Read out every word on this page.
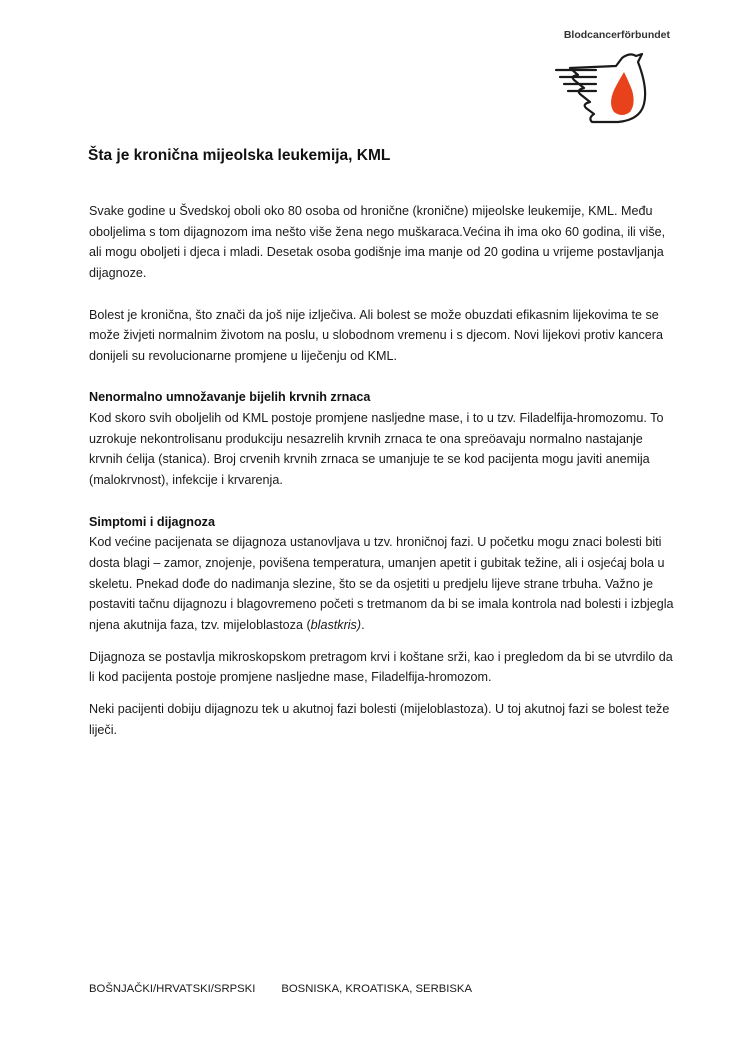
Blodcancerförbundet
Šta je kronična mijeolska leukemija, KML

Svake godine u Švedskoj oboli oko 80 osoba od hronične (kronične) mijeolske leukemije, KML. Među oboljelima s tom dijagnozom ima nešto više žena nego muškaraca.Većina ih ima oko 60 godina, ili više, ali mogu oboljeti i djeca i mladi. Desetak osoba godišnje ima manje od 20 godina u vrijeme postavljanja dijagnoze.

Bolest je kronična, što znači da još nije izlječiva. Ali bolest se može obuzdati efikasnim lijekovima te se može živjeti normalnim životom na poslu, u slobodnom vremenu i s djecom. Novi lijekovi protiv kancera donijeli su revolucionarne promjene u liječenju od KML.

Nenormalno umnožavanje bijelih krvnih zrnaca

Kod skoro svih oboljelih od KML postoje promjene nasljedne mase, i to u tzv. Filadelfija-hromozomu. To uzrokuje nekontrolisanu produkciju nesazrelih krvnih zrnaca te ona spreöavaju normalno nastajanje krvnih ćelija (stanica). Broj crvenih krvnih zrnaca se umanjuje te se kod pacijenta mogu javiti anemija (malokrvnost), infekcije i krvarenja.

Simptomi i dijagnoza

Kod većine pacijenata se dijagnoza ustanovljava u tzv. hroničnoj fazi. U početku mogu znaci bolesti biti dosta blagi – zamor, znojenje, povišena temperatura, umanjen apetit i gubitak težine, ali i osjećaj bola u skeletu. Pnekad dođe do nadimanja slezine, što se da osjetiti u predjelu lijeve strane trbuha. Važno je postaviti tačnu dijagnozu i blagovremeno početi s tretmanom da bi se imala kontrola nad bolesti i izbjegla njena akutnija faza, tzv. mijeloblastoza (blastkris).

Dijagnoza se postavlja mikroskopskom pretragom krvi i koštane srži, kao i pregledom da bi se utvrdilo da li kod pacijenta postoje promjene nasljedne mase, Filadelfija-hromozom.

Neki pacijenti dobiju dijagnozu tek u akutnoj fazi bolesti (mijeloblastoza). U toj akutnoj fazi se bolest teže liječi.

BOŠNJAČKI/HRVATSKI/SRPSKI BOSNISKA, KROATISKA, SERBISKA
